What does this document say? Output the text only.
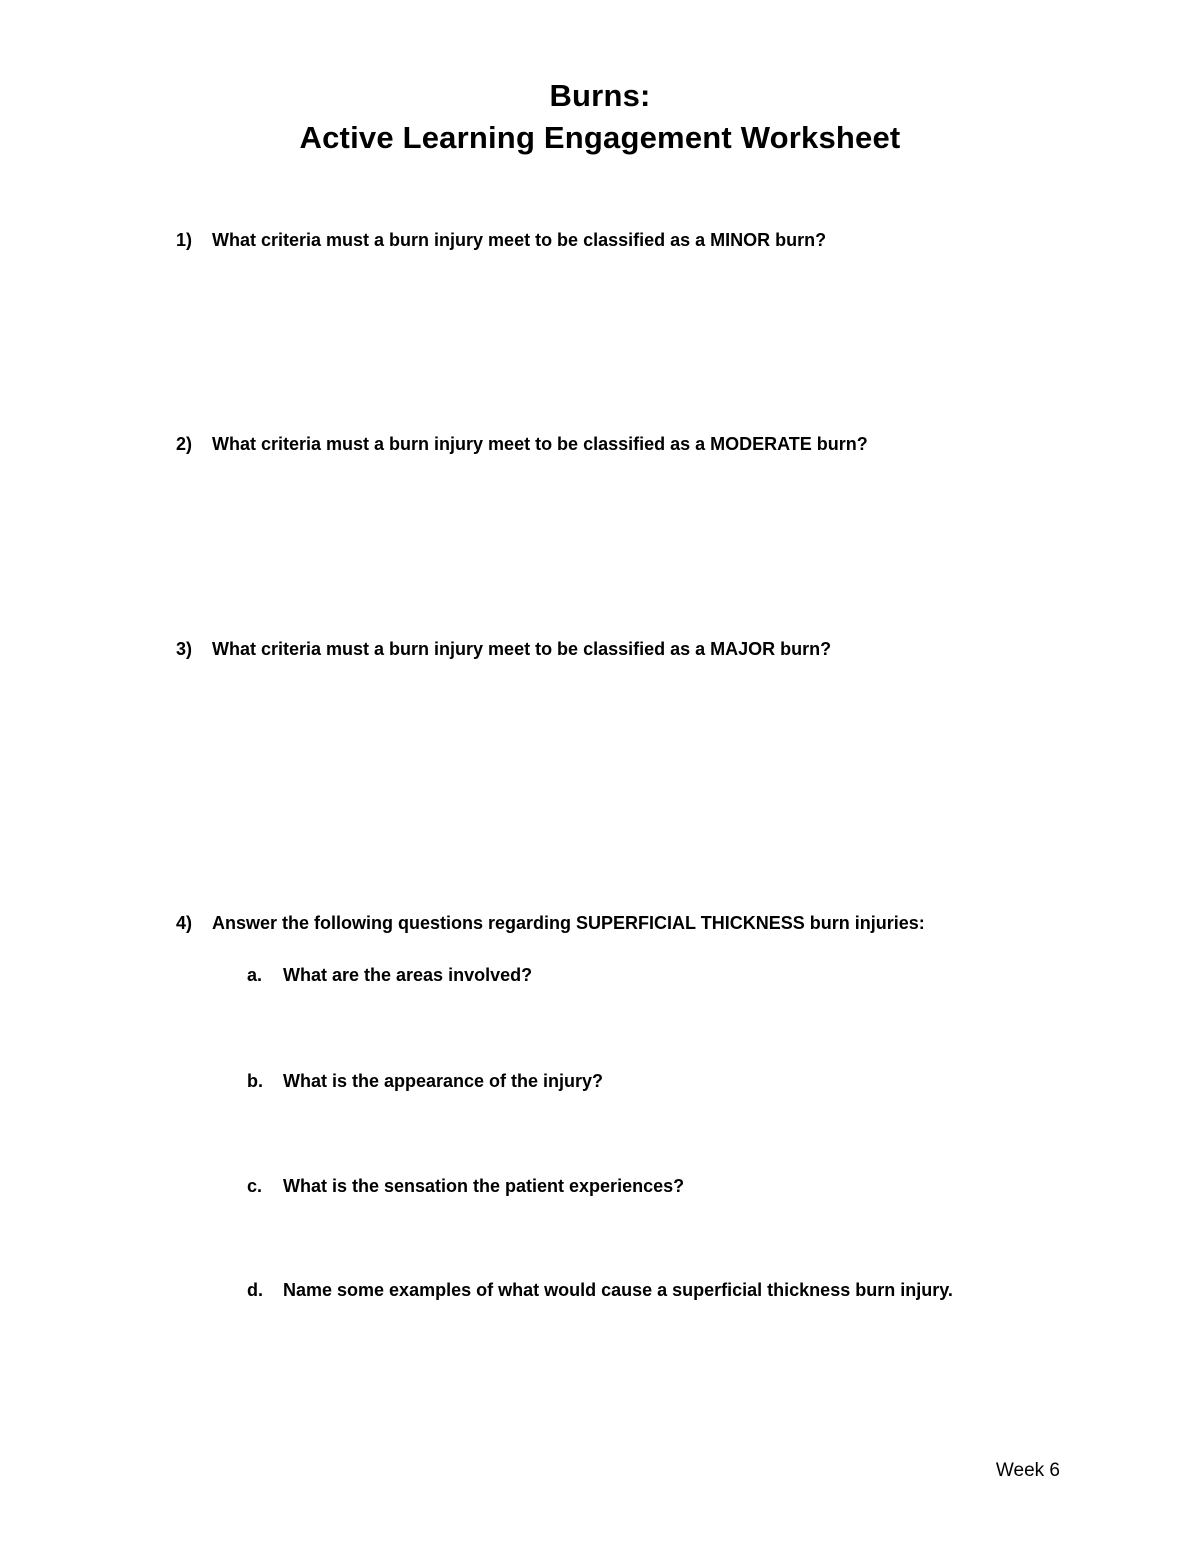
Burns:
Active Learning Engagement Worksheet
1) What criteria must a burn injury meet to be classified as a MINOR burn?
2) What criteria must a burn injury meet to be classified as a MODERATE burn?
3) What criteria must a burn injury meet to be classified as a MAJOR burn?
4) Answer the following questions regarding SUPERFICIAL THICKNESS burn injuries:
a. What are the areas involved?
b. What is the appearance of the injury?
c. What is the sensation the patient experiences?
d. Name some examples of what would cause a superficial thickness burn injury.
Week 6
